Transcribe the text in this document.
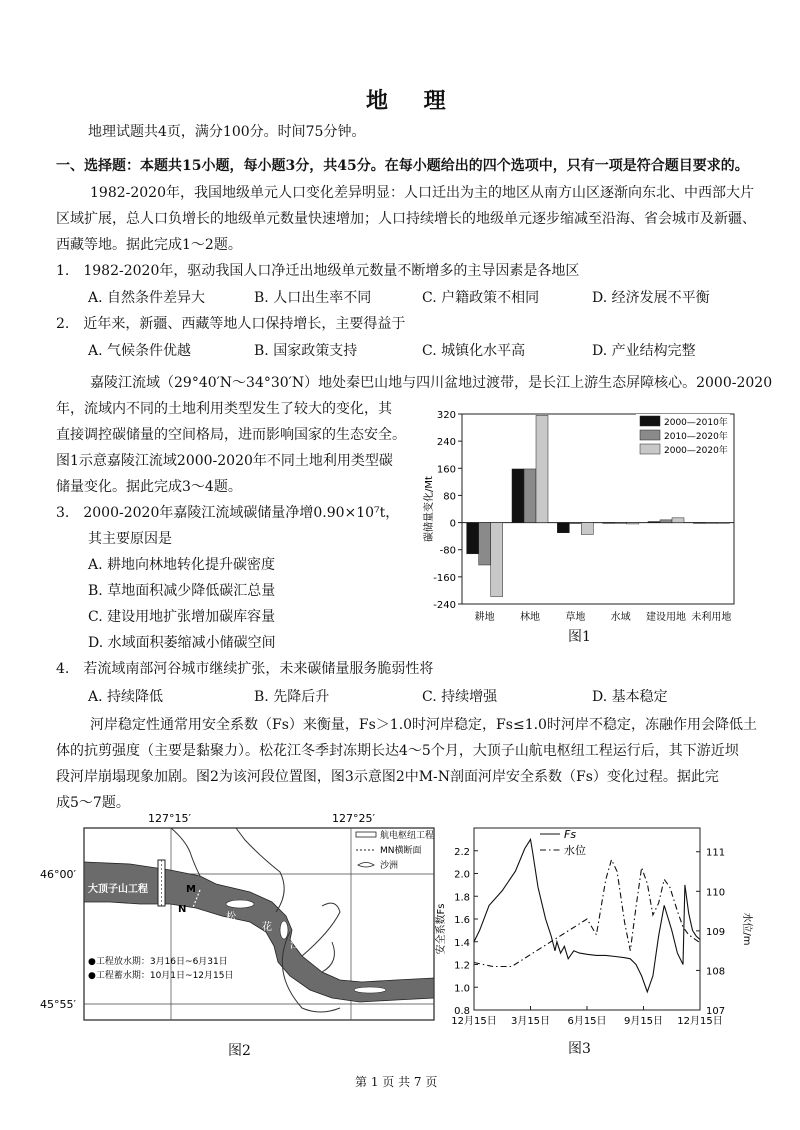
地 理
地理试题共4页，满分100分。时间75分钟。
一、选择题：本题共15小题，每小题3分，共45分。在每小题给出的四个选项中，只有一项是符合题目要求的。
1982-2020年，我国地级单元人口变化差异明显：人口迁出为主的地区从南方山区逐渐向东北、中西部大片
区域扩展，总人口负增长的地级单元数量快速增加；人口持续增长的地级单元逐步缩减至沿海、省会城市及新疆、
西藏等地。据此完成1～2题。
1.　1982-2020年，驱动我国人口净迁出地级单元数量不断增多的主导因素是各地区
A. 自然条件差异大	B. 人口出生率不同	C. 户籍政策不相同	D. 经济发展不平衡
2.　近年来，新疆、西藏等地人口保持增长，主要得益于
A. 气候条件优越	B. 国家政策支持	C. 城镇化水平高	D. 产业结构完整
嘉陵江流域（29°40′N～34°30′N）地处秦巴山地与四川盆地过渡带，是长江上游生态屏障核心。2000-2020
年，流域内不同的土地利用类型发生了较大的变化，其
直接调控碳储量的空间格局，进而影响国家的生态安全。
图1示意嘉陵江流域2000-2020年不同土地利用类型碳
储量变化。据此完成3～4题。
3.　2000-2020年嘉陵江流域碳储量净增0.90×10⁷t，
其主要原因是
A. 耕地向林地转化提升碳密度
B. 草地面积减少降低碳汇总量
C. 建设用地扩张增加碳库容量
D. 水域面积萎缩减小储碳空间
-240
-160
-80
0
80
160
240
320
碳储量变化/Mt
耕地	林地	草地	水域 建设用地 未利用地
2000—2010年
2010—2020年
2000—2020年
图1
4.　若流域南部河谷城市继续扩张，未来碳储量服务脆弱性将
A. 持续降低	B. 先降后升	C. 持续增强	D. 基本稳定
河岸稳定性通常用安全系数（Fs）来衡量，Fs＞1.0时河岸稳定，Fs≤1.0时河岸不稳定，冻融作用会降低土
体的抗剪强度（主要是黏聚力）。松花江冬季封冻期长达4～5个月，大顶子山航电枢纽工程运行后，其下游近坝
段河岸崩塌现象加剧。图2为该河段位置图，图3示意图2中M-N剖面河岸安全系数（Fs）变化过程。据此完
成5～7题。
127°15′	127°25′
46°00′
45°55′
大顶子山工程	M
N
松
花
江
航电枢纽工程
MN横断面
沙洲
●工程放水期：3月16日~6月31日
●工程蓄水期：10月1日~12月15日
图2
0.8
1.0
1.2
1.4
1.6
1.8
2.0
2.2
107
108
109
110
111
12月15日 3月15日 6月15日 9月15日 12月15日
安全系数Fs	水位/m
Fs
水位
图3
第 1 页 共 7 页
